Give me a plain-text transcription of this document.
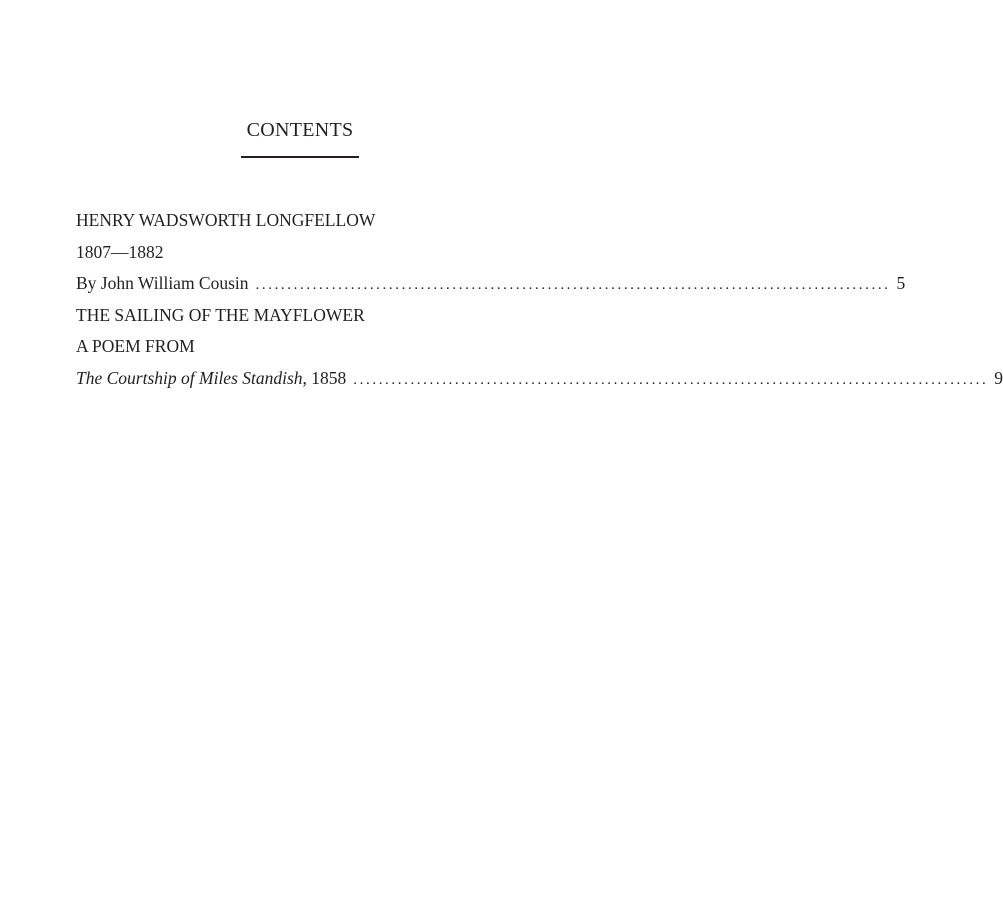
CONTENTS
HENRY WADSWORTH LONGFELLOW
1807—1882
By John William Cousin .................................................................................................... 5
THE SAILING OF THE MAYFLOWER
A POEM FROM
The Courtship of Miles Standish, 1858 .................................................................................................... 9
